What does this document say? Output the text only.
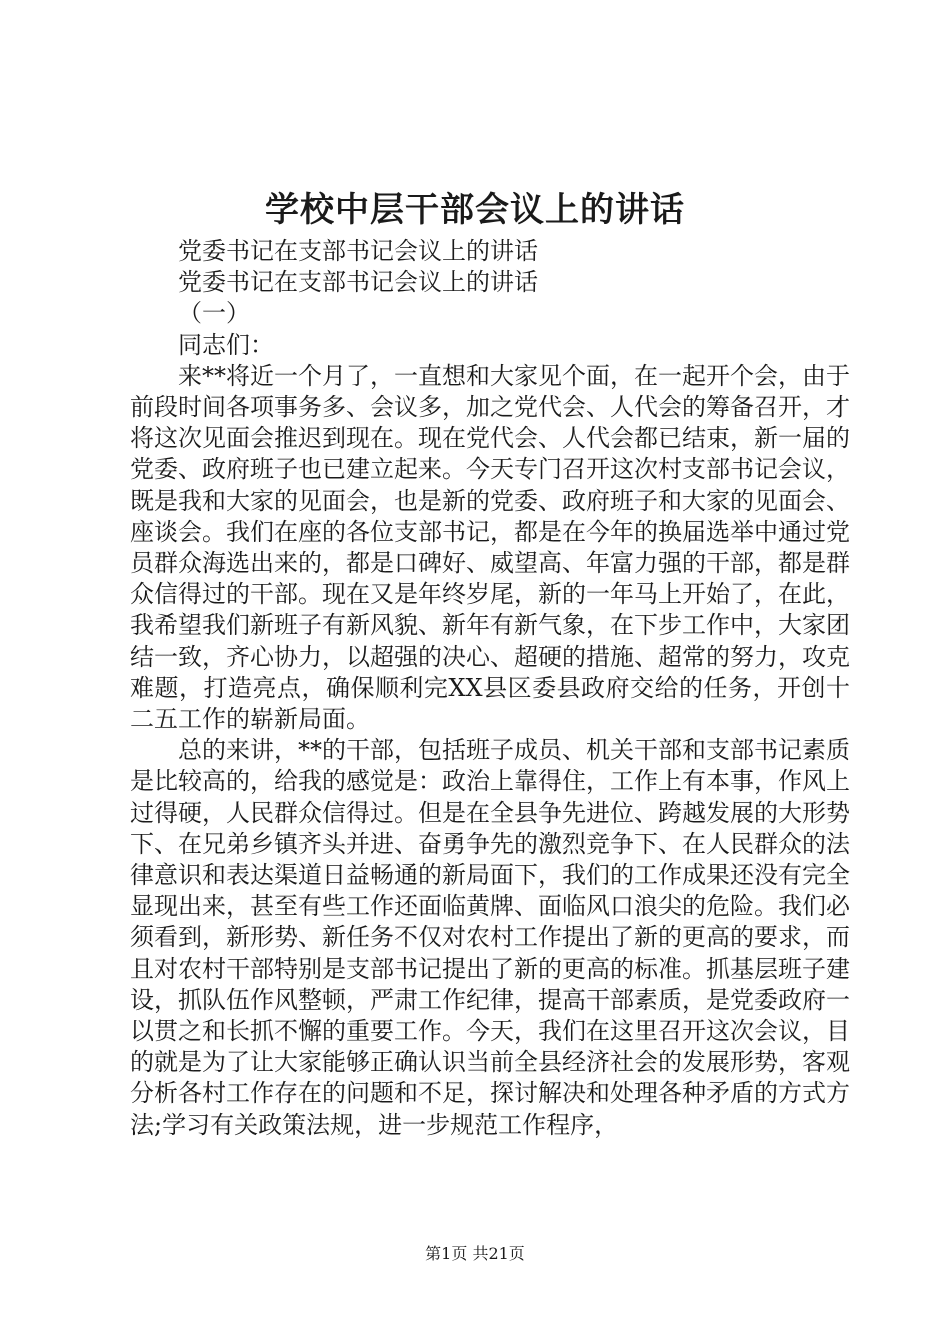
学校中层干部会议上的讲话

党委书记在支部书记会议上的讲话

党委书记在支部书记会议上的讲话

（一）

同志们：

来**将近一个月了，一直想和大家见个面，在一起开个会，由于前段时间各项事务多、会议多，加之党代会、人代会的筹备召开，才将这次见面会推迟到现在。现在党代会、人代会都已结束，新一届的党委、政府班子也已建立起来。今天专门召开这次村支部书记会议，既是我和大家的见面会，也是新的党委、政府班子和大家的见面会、座谈会。我们在座的各位支部书记，都是在今年的换届选举中通过党员群众海选出来的，都是口碑好、威望高、年富力强的干部，都是群众信得过的干部。现在又是年终岁尾，新的一年马上开始了，在此，我希望我们新班子有新风貌、新年有新气象，在下步工作中，大家团结一致，齐心协力，以超强的决心、超硬的措施、超常的努力，攻克难题，打造亮点，确保顺利完XX县区委县政府交给的任务，开创十二五工作的崭新局面。

总的来讲，**的干部，包括班子成员、机关干部和支部书记素质是比较高的，给我的感觉是：政治上靠得住，工作上有本事，作风上过得硬，人民群众信得过。但是在全县争先进位、跨越发展的大形势下、在兄弟乡镇齐头并进、奋勇争先的激烈竞争下、在人民群众的法律意识和表达渠道日益畅通的新局面下，我们的工作成果还没有完全显现出来，甚至有些工作还面临黄牌、面临风口浪尖的危险。我们必须看到，新形势、新任务不仅对农村工作提出了新的更高的要求，而且对农村干部特别是支部书记提出了新的更高的标准。抓基层班子建设，抓队伍作风整顿，严肃工作纪律，提高干部素质，是党委政府一以贯之和长抓不懈的重要工作。今天，我们在这里召开这次会议，目的就是为了让大家能够正确认识当前全县经济社会的发展形势，客观分析各村工作存在的问题和不足，探讨解决和处理各种矛盾的方式方法;学习有关政策法规，进一步规范工作程序，

第1页 共21页
